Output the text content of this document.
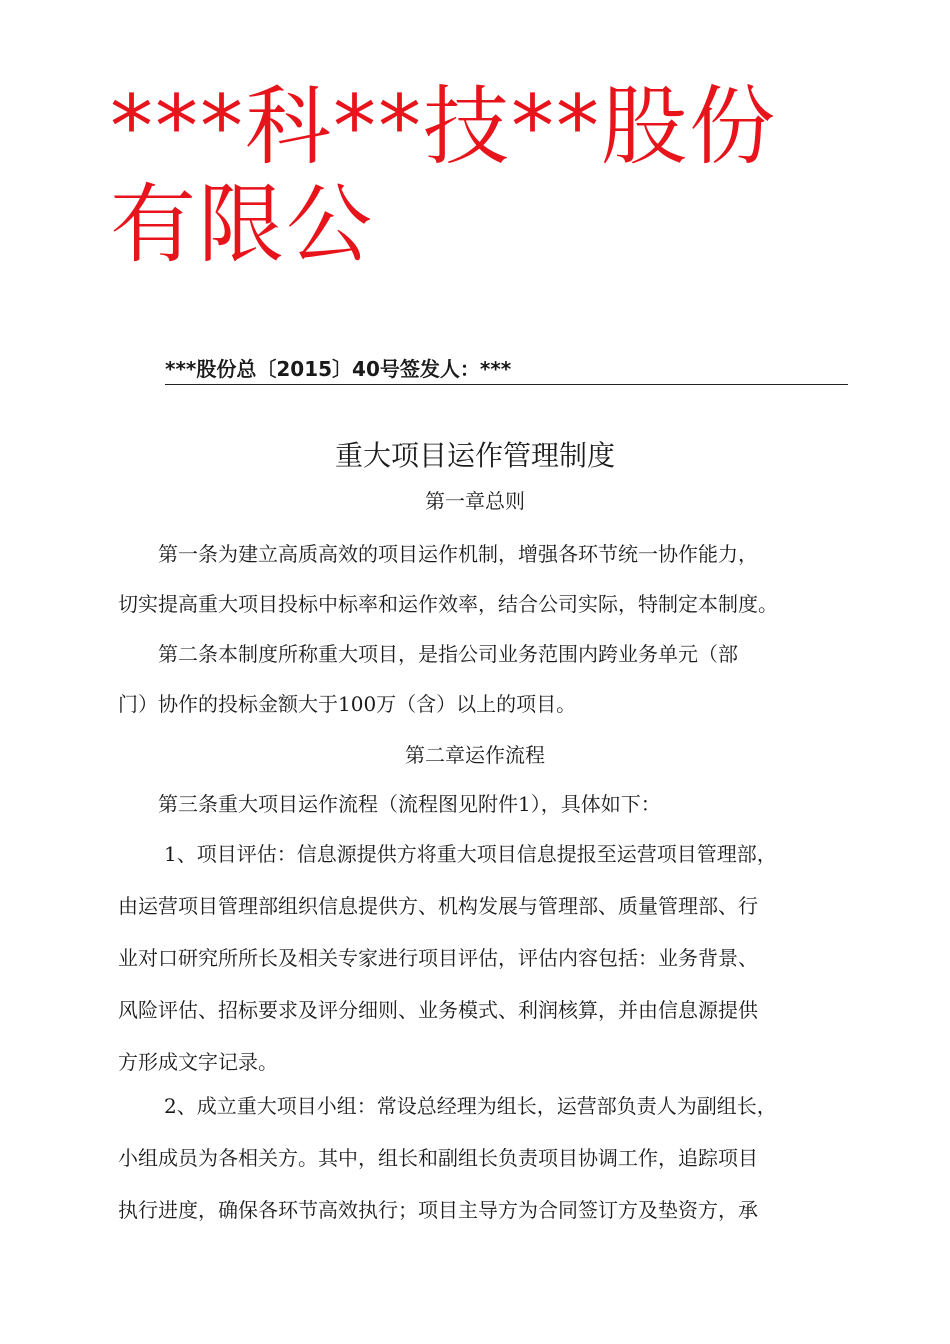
***科**技**股份
有限公
***股份总〔2015〕40号签发人：***
重大项目运作管理制度
第一章总则
第一条为建立高质高效的项目运作机制，增强各环节统一协作能力，
切实提高重大项目投标中标率和运作效率，结合公司实际，特制定本制度。
第二条本制度所称重大项目，是指公司业务范围内跨业务单元（部
门）协作的投标金额大于100万（含）以上的项目。
第二章运作流程
第三条重大项目运作流程（流程图见附件1），具体如下：
1、项目评估：信息源提供方将重大项目信息提报至运营项目管理部，
由运营项目管理部组织信息提供方、机构发展与管理部、质量管理部、行
业对口研究所所长及相关专家进行项目评估，评估内容包括：业务背景、
风险评估、招标要求及评分细则、业务模式、利润核算，并由信息源提供
方形成文字记录。
2、成立重大项目小组：常设总经理为组长，运营部负责人为副组长，
小组成员为各相关方。其中，组长和副组长负责项目协调工作，追踪项目
执行进度，确保各环节高效执行；项目主导方为合同签订方及垫资方，承
